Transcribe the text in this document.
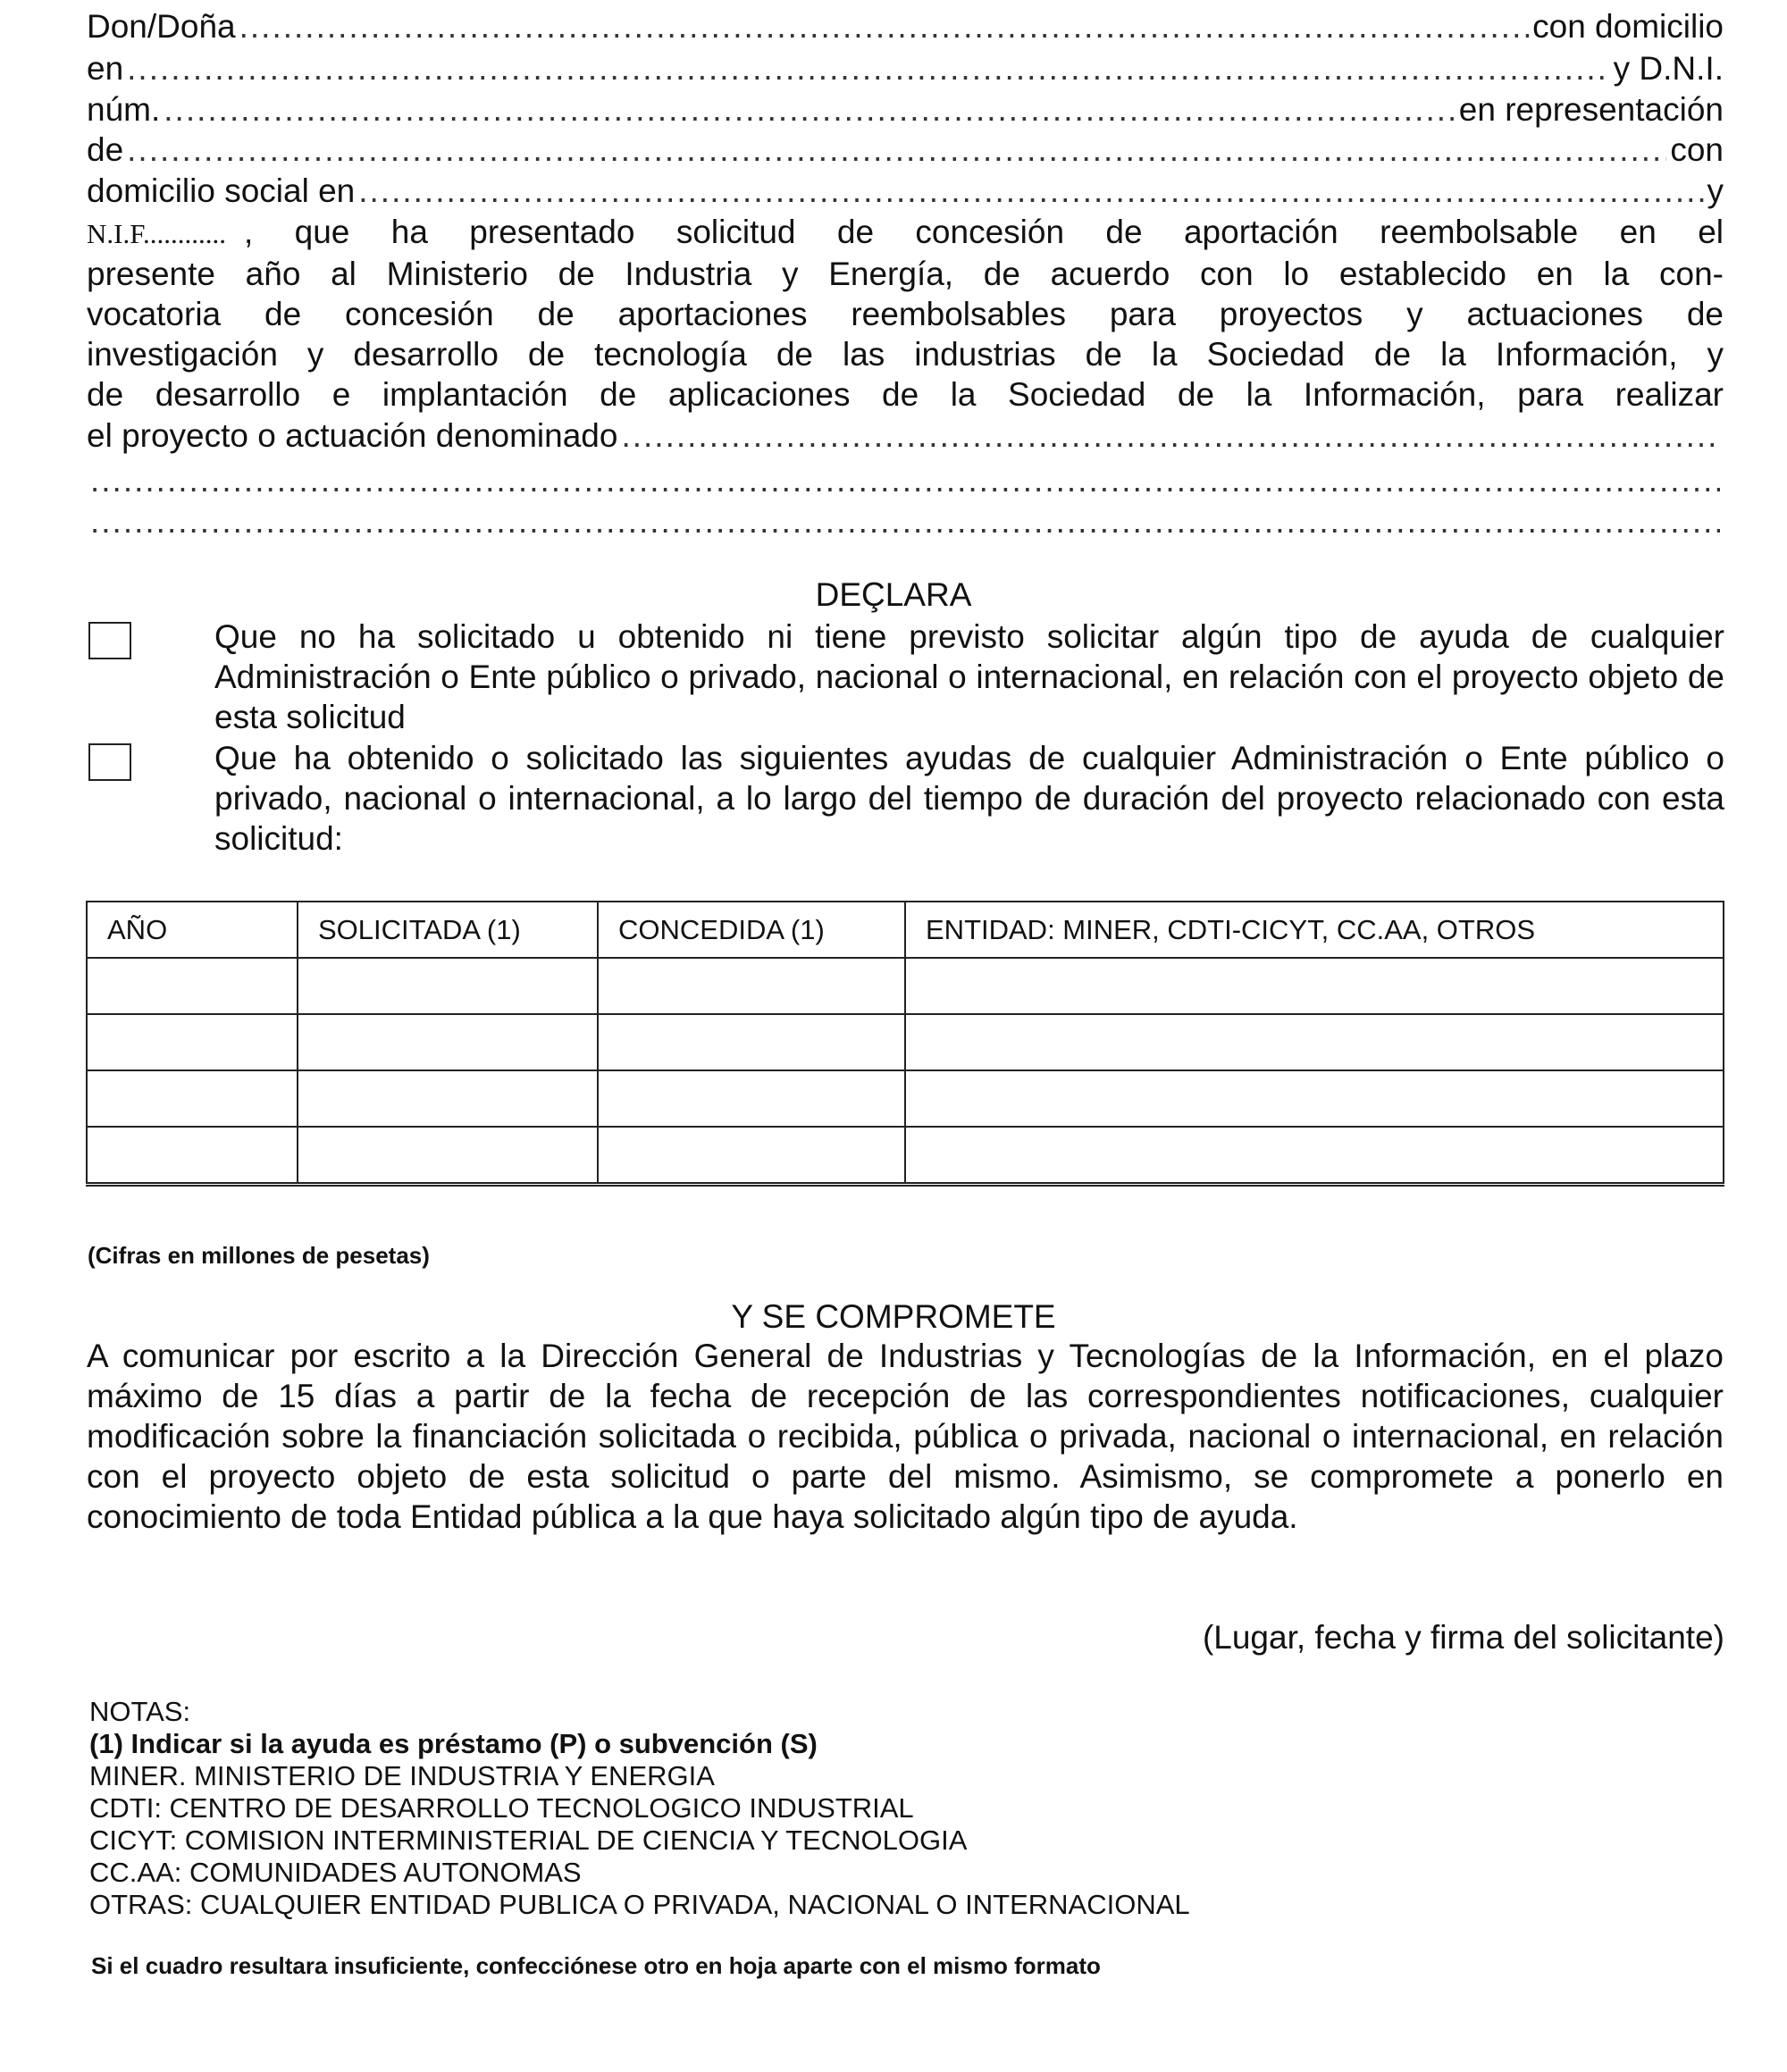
Don/Doña .....	con domicilio
en .....	y D.N.I.
núm. .....	en representación
de .....	con
domicilio social en .....	y
N.I.F............ , que ha presentado solicitud de concesión de aportación reembolsable en el
presente año al Ministerio de Industria y Energía, de acuerdo con lo establecido en la con-
vocatoria de concesión de aportaciones reembolsables para proyectos y actuaciones de
investigación y desarrollo de tecnología de las industrias de la Sociedad de la Información, y
de desarrollo e implantación de aplicaciones de la Sociedad de la Información, para realizar
el proyecto o actuación denominado
.....
.....
.....
DEÇLARA
Que no ha solicitado u obtenido ni tiene previsto solicitar algún tipo de ayuda de cualquier Administración o Ente público o privado, nacional o internacional, en relación con el proyecto objeto de esta solicitud
Que ha obtenido o solicitado las siguientes ayudas de cualquier Administración o Ente público o privado, nacional o internacional, a lo largo del tiempo de duración del proyecto relacionado con esta solicitud:
AÑO	SOLICITADA (1)	CONCEDIDA (1)	ENTIDAD: MINER, CDTI-CICYT, CC.AA, OTROS

(Cifras en millones de pesetas)
Y SE COMPROMETE
A comunicar por escrito a la Dirección General de Industrias y Tecnologías de la Información, en el plazo máximo de 15 días a partir de la fecha de recepción de las correspondientes notificaciones, cualquier modificación sobre la financiación solicitada o recibida, pública o privada, nacional o internacional, en relación con el proyecto objeto de esta solicitud o parte del mismo. Asimismo, se compromete a ponerlo en conocimiento de toda Entidad pública a la que haya solicitado algún tipo de ayuda.
(Lugar, fecha y firma del solicitante)
NOTAS:
(1) Indicar si la ayuda es préstamo (P) o subvención (S)
MINER. MINISTERIO DE INDUSTRIA Y ENERGIA
CDTI: CENTRO DE DESARROLLO TECNOLOGICO INDUSTRIAL
CICYT: COMISION INTERMINISTERIAL DE CIENCIA Y TECNOLOGIA
CC.AA: COMUNIDADES AUTONOMAS
OTRAS: CUALQUIER ENTIDAD PUBLICA O PRIVADA, NACIONAL O INTERNACIONAL
Si el cuadro resultara insuficiente, confecciónese otro en hoja aparte con el mismo formato
